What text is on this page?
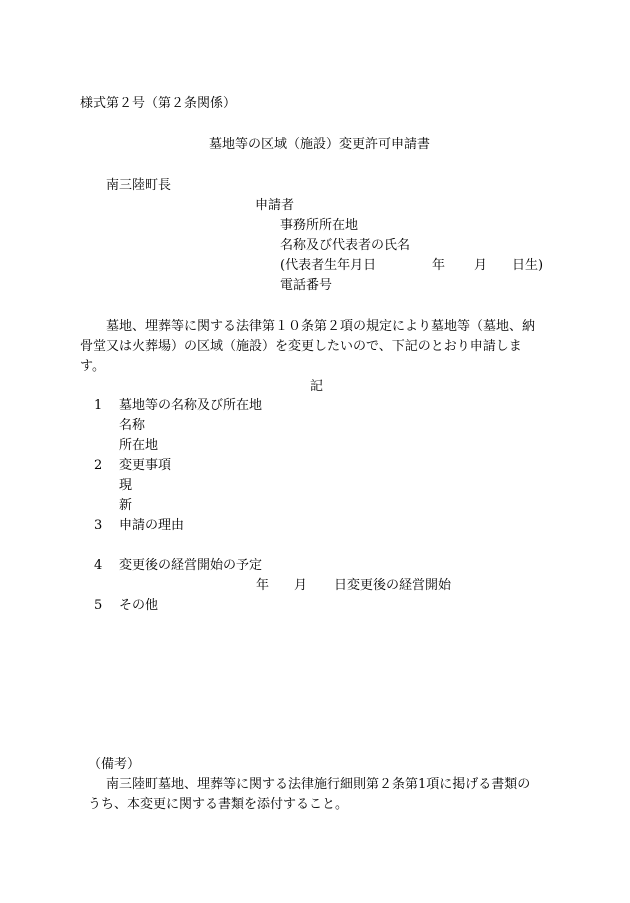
様式第２号（第２条関係）
墓地等の区域（施設）変更許可申請書
南三陸町長
申請者
事務所所在地
名称及び代表者の氏名
(代表者生年月日	年 月 日生)
電話番号
墓地、埋葬等に関する法律第１０条第２項の規定により墓地等（墓地、納
骨堂又は火葬場）の区域（施設）を変更したいので、下記のとおり申請しま
す。
記
1 墓地等の名称及び所在地
名称
所在地
2 変更事項
現
新
3 申請の理由
4 変更後の経営開始の予定
年 月 日変更後の経営開始
5 その他
（備考）
南三陸町墓地、埋葬等に関する法律施行細則第２条第1項に掲げる書類の
うち、本変更に関する書類を添付すること。
